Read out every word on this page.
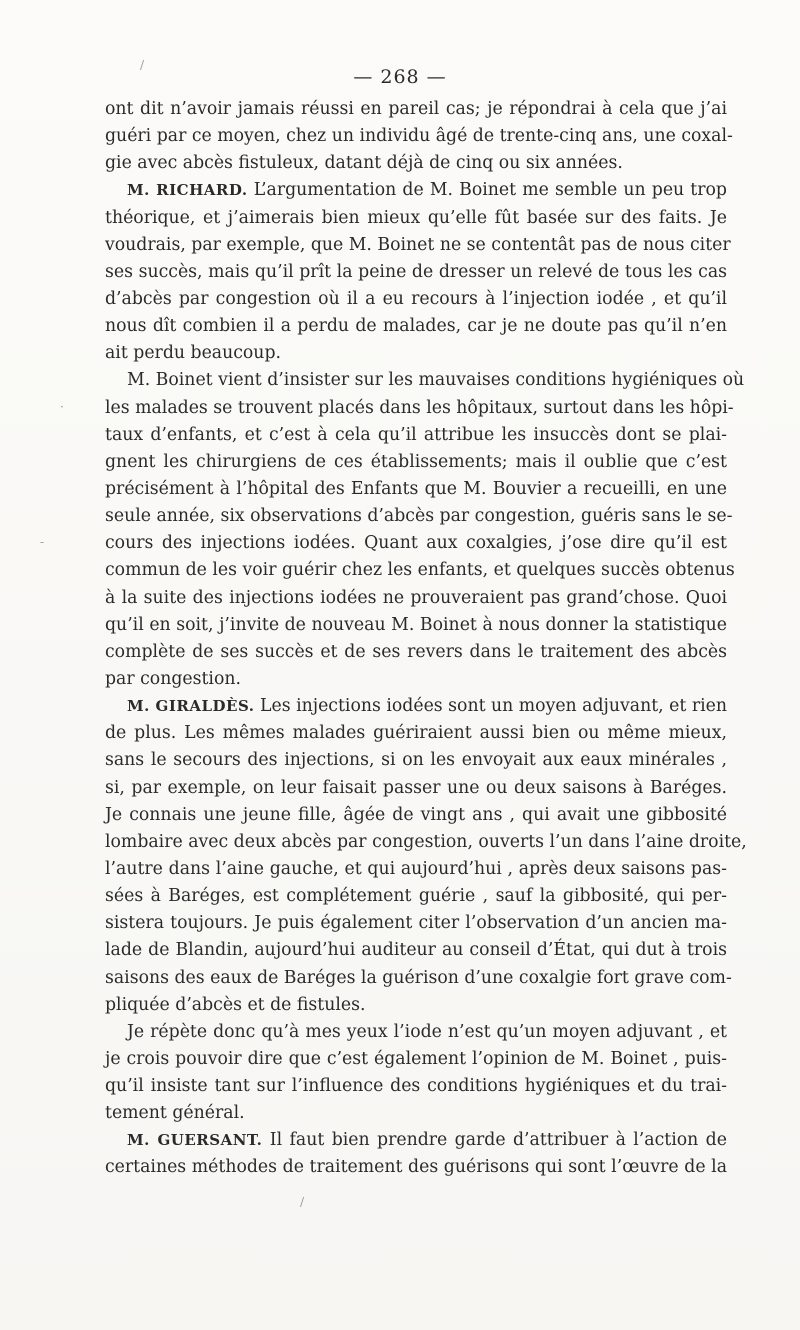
— 268 —
ont dit n’avoir jamais réussi en pareil cas; je répondrai à cela que j’ai
guéri par ce moyen, chez un individu âgé de trente-cinq ans, une coxal-
gie avec abcès fistuleux, datant déjà de cinq ou six années.
M. RICHARD. L’argumentation de M. Boinet me semble un peu trop
théorique, et j’aimerais bien mieux qu’elle fût basée sur des faits. Je
voudrais, par exemple, que M. Boinet ne se contentât pas de nous citer
ses succès, mais qu’il prît la peine de dresser un relevé de tous les cas
d’abcès par congestion où il a eu recours à l’injection iodée , et qu’il
nous dît combien il a perdu de malades, car je ne doute pas qu’il n’en
ait perdu beaucoup.
M. Boinet vient d’insister sur les mauvaises conditions hygiéniques où
les malades se trouvent placés dans les hôpitaux, surtout dans les hôpi-
taux d’enfants, et c’est à cela qu’il attribue les insuccès dont se plai-
gnent les chirurgiens de ces établissements; mais il oublie que c’est
précisément à l’hôpital des Enfants que M. Bouvier a recueilli, en une
seule année, six observations d’abcès par congestion, guéris sans le se-
cours des injections iodées. Quant aux coxalgies, j’ose dire qu’il est
commun de les voir guérir chez les enfants, et quelques succès obtenus
à la suite des injections iodées ne prouveraient pas grand’chose. Quoi
qu’il en soit, j’invite de nouveau M. Boinet à nous donner la statistique
complète de ses succès et de ses revers dans le traitement des abcès
par congestion.
M. GIRALDÈS. Les injections iodées sont un moyen adjuvant, et rien
de plus. Les mêmes malades guériraient aussi bien ou même mieux,
sans le secours des injections, si on les envoyait aux eaux minérales ,
si, par exemple, on leur faisait passer une ou deux saisons à Baréges.
Je connais une jeune fille, âgée de vingt ans , qui avait une gibbosité
lombaire avec deux abcès par congestion, ouverts l’un dans l’aine droite,
l’autre dans l’aine gauche, et qui aujourd’hui , après deux saisons pas-
sées à Baréges, est complétement guérie , sauf la gibbosité, qui per-
sistera toujours. Je puis également citer l’observation d’un ancien ma-
lade de Blandin, aujourd’hui auditeur au conseil d’État, qui dut à trois
saisons des eaux de Baréges la guérison d’une coxalgie fort grave com-
pliquée d’abcès et de fistules.
Je répète donc qu’à mes yeux l’iode n’est qu’un moyen adjuvant , et
je crois pouvoir dire que c’est également l’opinion de M. Boinet , puis-
qu’il insiste tant sur l’influence des conditions hygiéniques et du trai-
tement général.
M. GUERSANT. Il faut bien prendre garde d’attribuer à l’action de
certaines méthodes de traitement des guérisons qui sont l’œuvre de la
/
·
-
/
